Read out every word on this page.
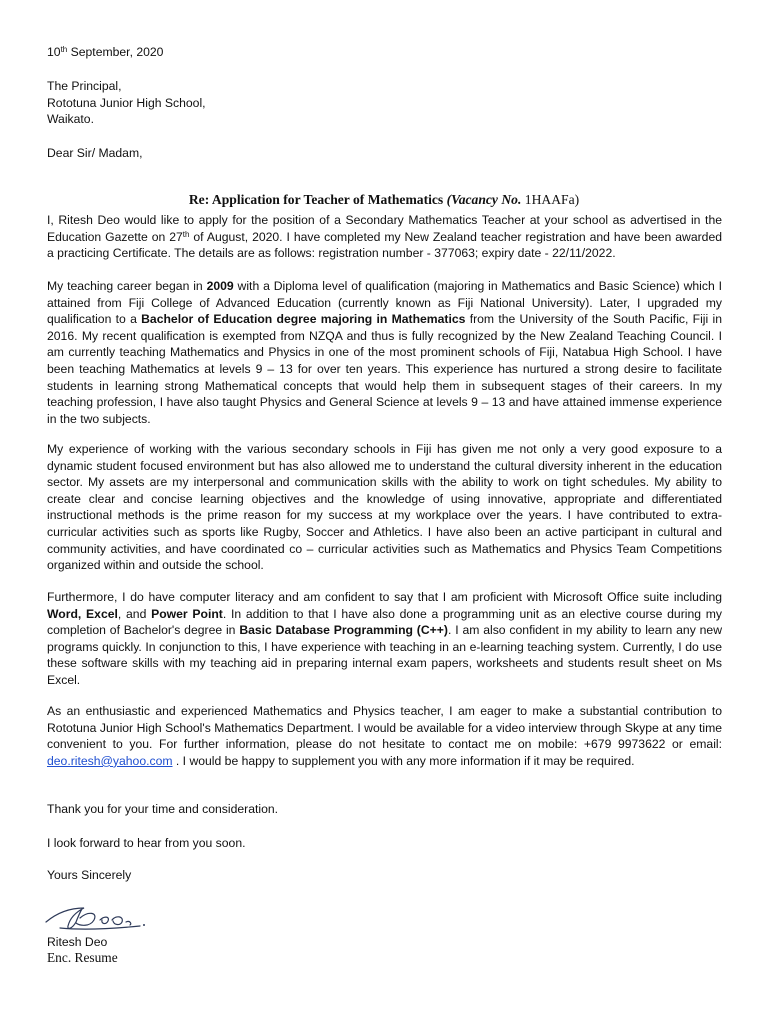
10th September, 2020

The Principal,
Rototuna Junior High School,
Waikato.

Dear Sir/ Madam,

Re: Application for Teacher of Mathematics (Vacancy No. 1HAAFa)

I, Ritesh Deo would like to apply for the position of a Secondary Mathematics Teacher at your school as advertised in the Education Gazette on 27th of August, 2020. I have completed my New Zealand teacher registration and have been awarded a practicing Certificate. The details are as follows: registration number - 377063; expiry date - 22/11/2022.

My teaching career began in 2009 with a Diploma level of qualification (majoring in Mathematics and Basic Science) which I attained from Fiji College of Advanced Education (currently known as Fiji National University). Later, I upgraded my qualification to a Bachelor of Education degree majoring in Mathematics from the University of the South Pacific, Fiji in 2016. My recent qualification is exempted from NZQA and thus is fully recognized by the New Zealand Teaching Council. I am currently teaching Mathematics and Physics in one of the most prominent schools of Fiji, Natabua High School. I have been teaching Mathematics at levels 9 – 13 for over ten years. This experience has nurtured a strong desire to facilitate students in learning strong Mathematical concepts that would help them in subsequent stages of their careers. In my teaching profession, I have also taught Physics and General Science at levels 9 – 13 and have attained immense experience in the two subjects.

My experience of working with the various secondary schools in Fiji has given me not only a very good exposure to a dynamic student focused environment but has also allowed me to understand the cultural diversity inherent in the education sector. My assets are my interpersonal and communication skills with the ability to work on tight schedules. My ability to create clear and concise learning objectives and the knowledge of using innovative, appropriate and differentiated instructional methods is the prime reason for my success at my workplace over the years. I have contributed to extra-curricular activities such as sports like Rugby, Soccer and Athletics. I have also been an active participant in cultural and community activities, and have coordinated co – curricular activities such as Mathematics and Physics Team Competitions organized within and outside the school.

Furthermore, I do have computer literacy and am confident to say that I am proficient with Microsoft Office suite including Word, Excel, and Power Point. In addition to that I have also done a programming unit as an elective course during my completion of Bachelor's degree in Basic Database Programming (C++). I am also confident in my ability to learn any new programs quickly. In conjunction to this, I have experience with teaching in an e-learning teaching system. Currently, I do use these software skills with my teaching aid in preparing internal exam papers, worksheets and students result sheet on Ms Excel.

As an enthusiastic and experienced Mathematics and Physics teacher, I am eager to make a substantial contribution to Rototuna Junior High School's Mathematics Department. I would be available for a video interview through Skype at any time convenient to you. For further information, please do not hesitate to contact me on mobile: +679 9973622 or email: deo.ritesh@yahoo.com . I would be happy to supplement you with any more information if it may be required.

Thank you for your time and consideration.

I look forward to hear from you soon.

Yours Sincerely

Ritesh Deo

Enc. Resume
